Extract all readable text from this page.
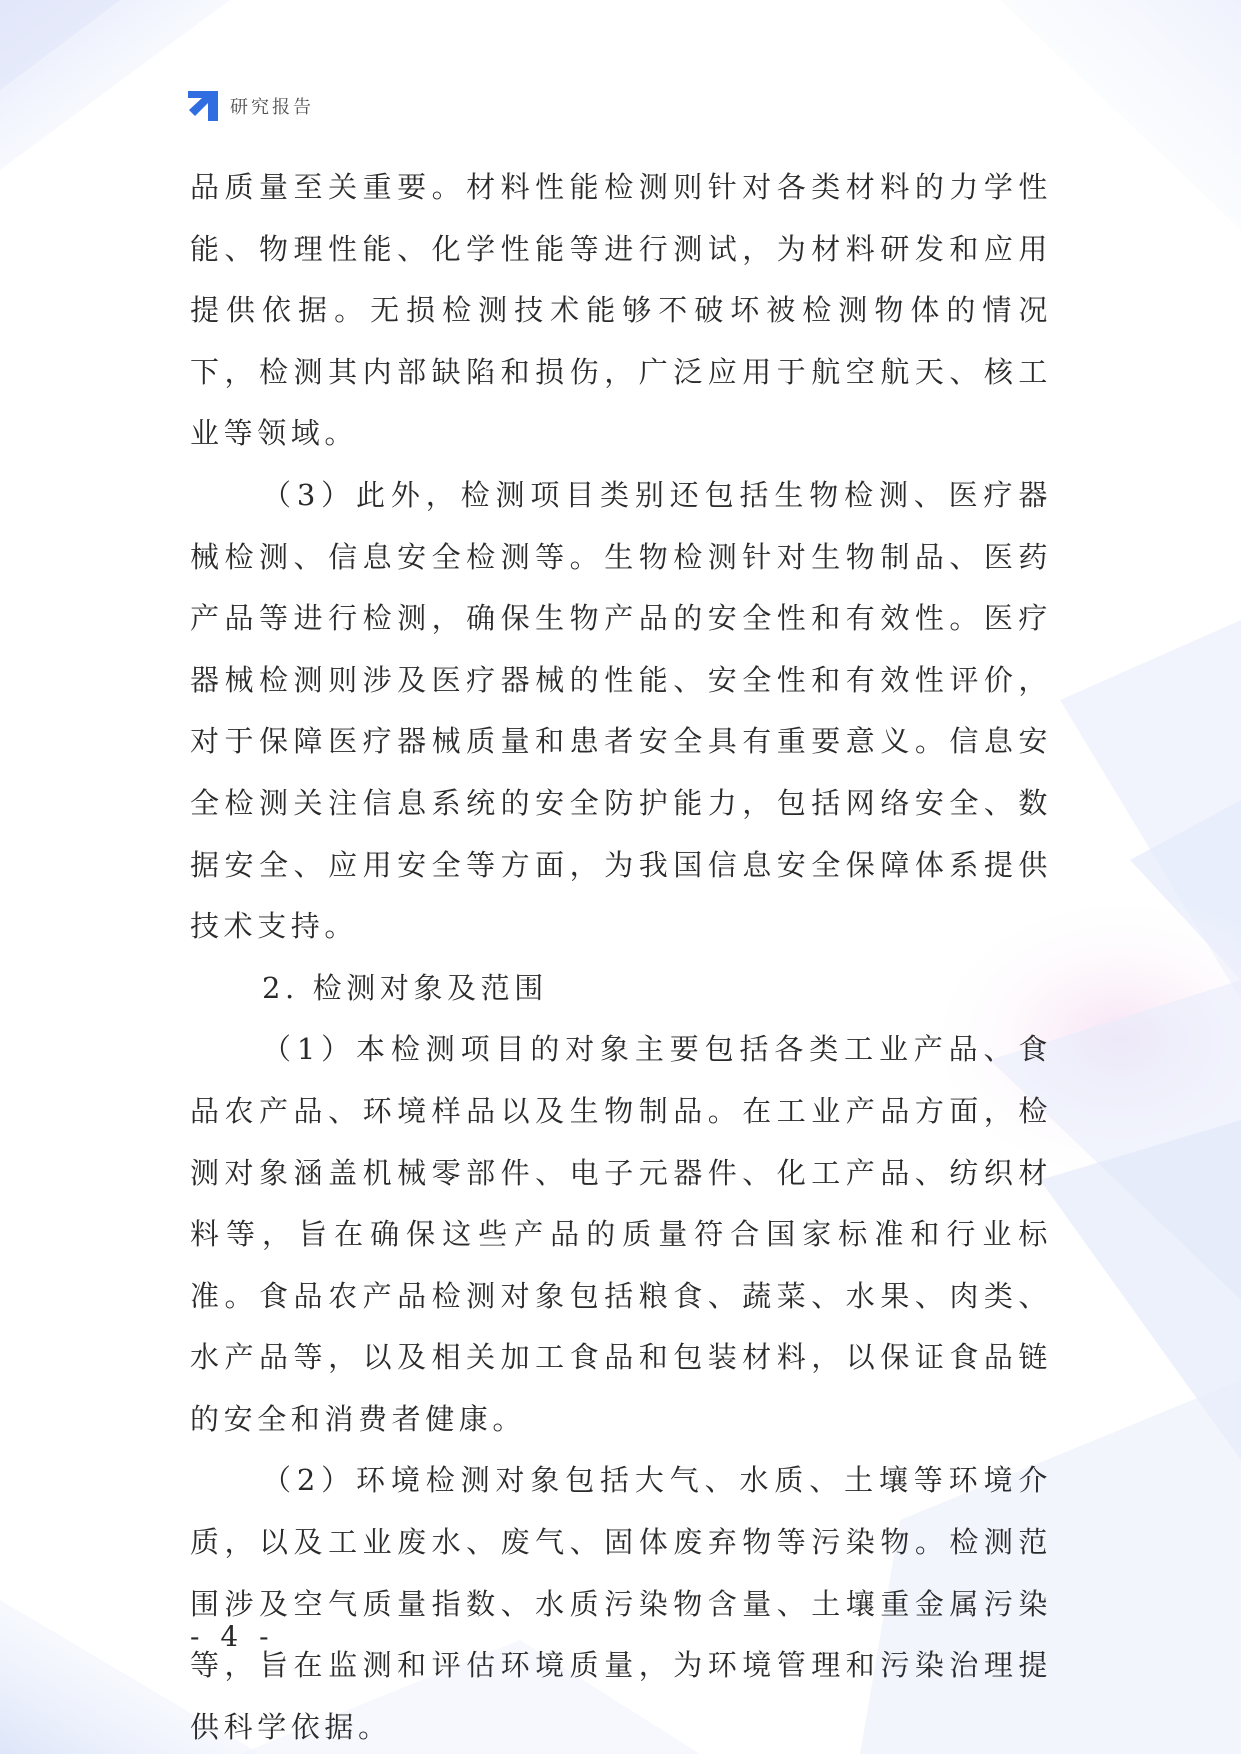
研究报告

品质量至关重要。材料性能检测则针对各类材料的力学性能、物理性能、化学性能等进行测试，为材料研发和应用提供依据。无损检测技术能够不破坏被检测物体的情况下，检测其内部缺陷和损伤，广泛应用于航空航天、核工业等领域。

（3）此外，检测项目类别还包括生物检测、医疗器械检测、信息安全检测等。生物检测针对生物制品、医药产品等进行检测，确保生物产品的安全性和有效性。医疗器械检测则涉及医疗器械的性能、安全性和有效性评价，对于保障医疗器械质量和患者安全具有重要意义。信息安全检测关注信息系统的安全防护能力，包括网络安全、数据安全、应用安全等方面，为我国信息安全保障体系提供技术支持。

2. 检测对象及范围

（1）本检测项目的对象主要包括各类工业产品、食品农产品、环境样品以及生物制品。在工业产品方面，检测对象涵盖机械零部件、电子元器件、化工产品、纺织材料等，旨在确保这些产品的质量符合国家标准和行业标准。食品农产品检测对象包括粮食、蔬菜、水果、肉类、水产品等，以及相关加工食品和包装材料，以保证食品链的安全和消费者健康。

（2）环境检测对象包括大气、水质、土壤等环境介质，以及工业废水、废气、固体废弃物等污染物。检测范围涉及空气质量指数、水质污染物含量、土壤重金属污染等，旨在监测和评估环境质量，为环境管理和污染治理提供科学依据。

- 4 -
